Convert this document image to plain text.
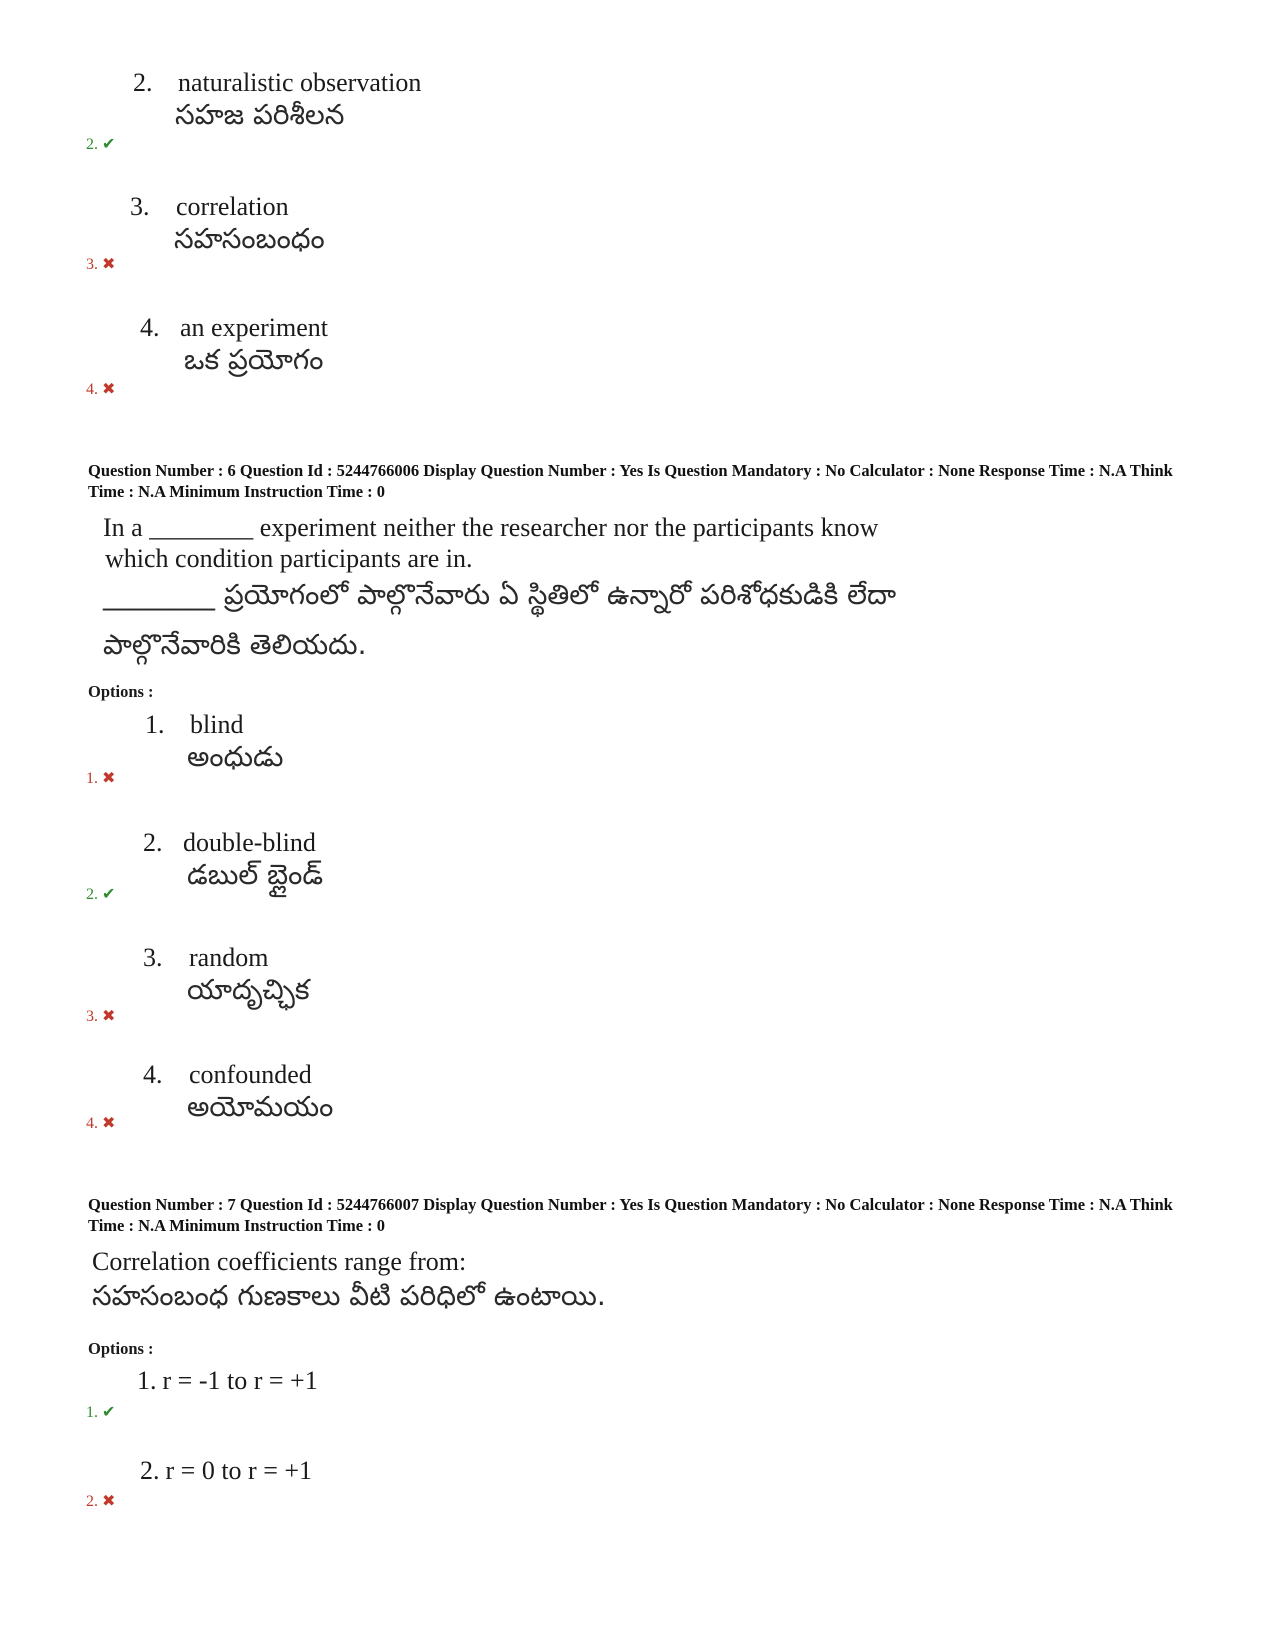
2. naturalistic observation
సహజ పరిశీలన
2. ✔
3. correlation
సహసంబంధం
3. ✖
4. an experiment
ఒక ప్రయోగం
4. ✖
Question Number : 6 Question Id : 5244766006 Display Question Number : Yes Is Question Mandatory : No Calculator : None Response Time : N.A Think Time : N.A Minimum Instruction Time : 0
In a ________ experiment neither the researcher nor the participants know
which condition participants are in.
________ ప్రయోగంలో పాల్గొనేవారు ఏ స్థితిలో ఉన్నారో పరిశోధకుడికి లేదా
పాల్గొనేవారికి తెలియదు.
Options :
1. blind
అంధుడు
1. ✖
2. double-blind
డబుల్ బ్లైండ్
2. ✔
3. random
యాదృచ్ఛిక
3. ✖
4. confounded
అయోమయం
4. ✖
Question Number : 7 Question Id : 5244766007 Display Question Number : Yes Is Question Mandatory : No Calculator : None Response Time : N.A Think Time : N.A Minimum Instruction Time : 0
Correlation coefficients range from:
సహసంబంధ గుణకాలు వీటి పరిధిలో ఉంటాయి.
Options :
1. r = -1 to r = +1
1. ✔
2. r = 0 to r = +1
2. ✖
